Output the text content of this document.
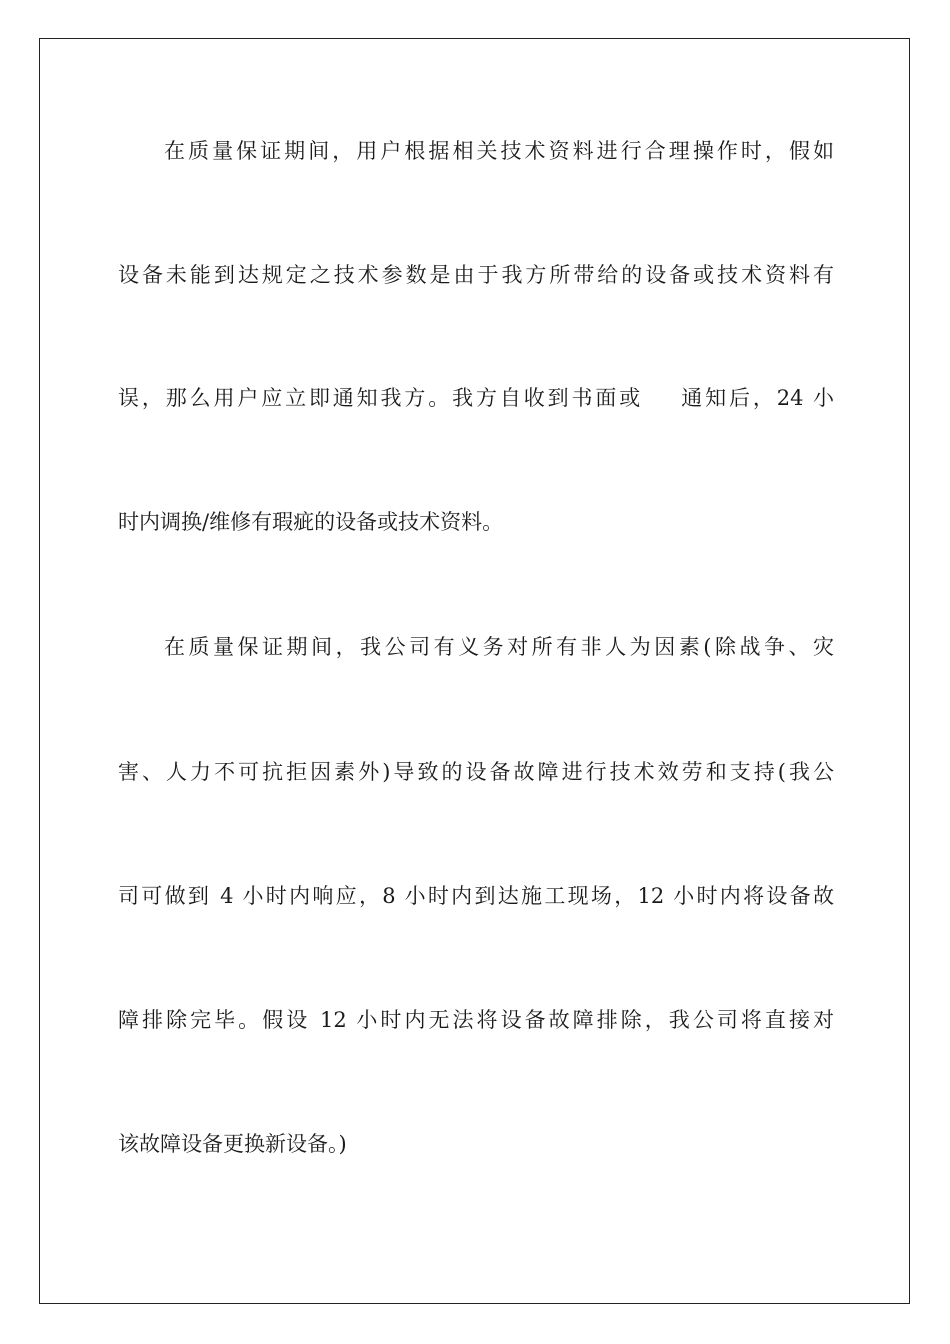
在质量保证期间，用户根据相关技术资料进行合理操作时，假如
设备未能到达规定之技术参数是由于我方所带给的设备或技术资料有
误，那么用户应立即通知我方。我方自收到书面或    通知后，24 小
时内调换/维修有瑕疵的设备或技术资料。
在质量保证期间，我公司有义务对所有非人为因素(除战争、灾
害、人力不可抗拒因素外)导致的设备故障进行技术效劳和支持(我公
司可做到 4 小时内响应，8 小时内到达施工现场，12 小时内将设备故
障排除完毕。假设 12 小时内无法将设备故障排除，我公司将直接对
该故障设备更换新设备。)
